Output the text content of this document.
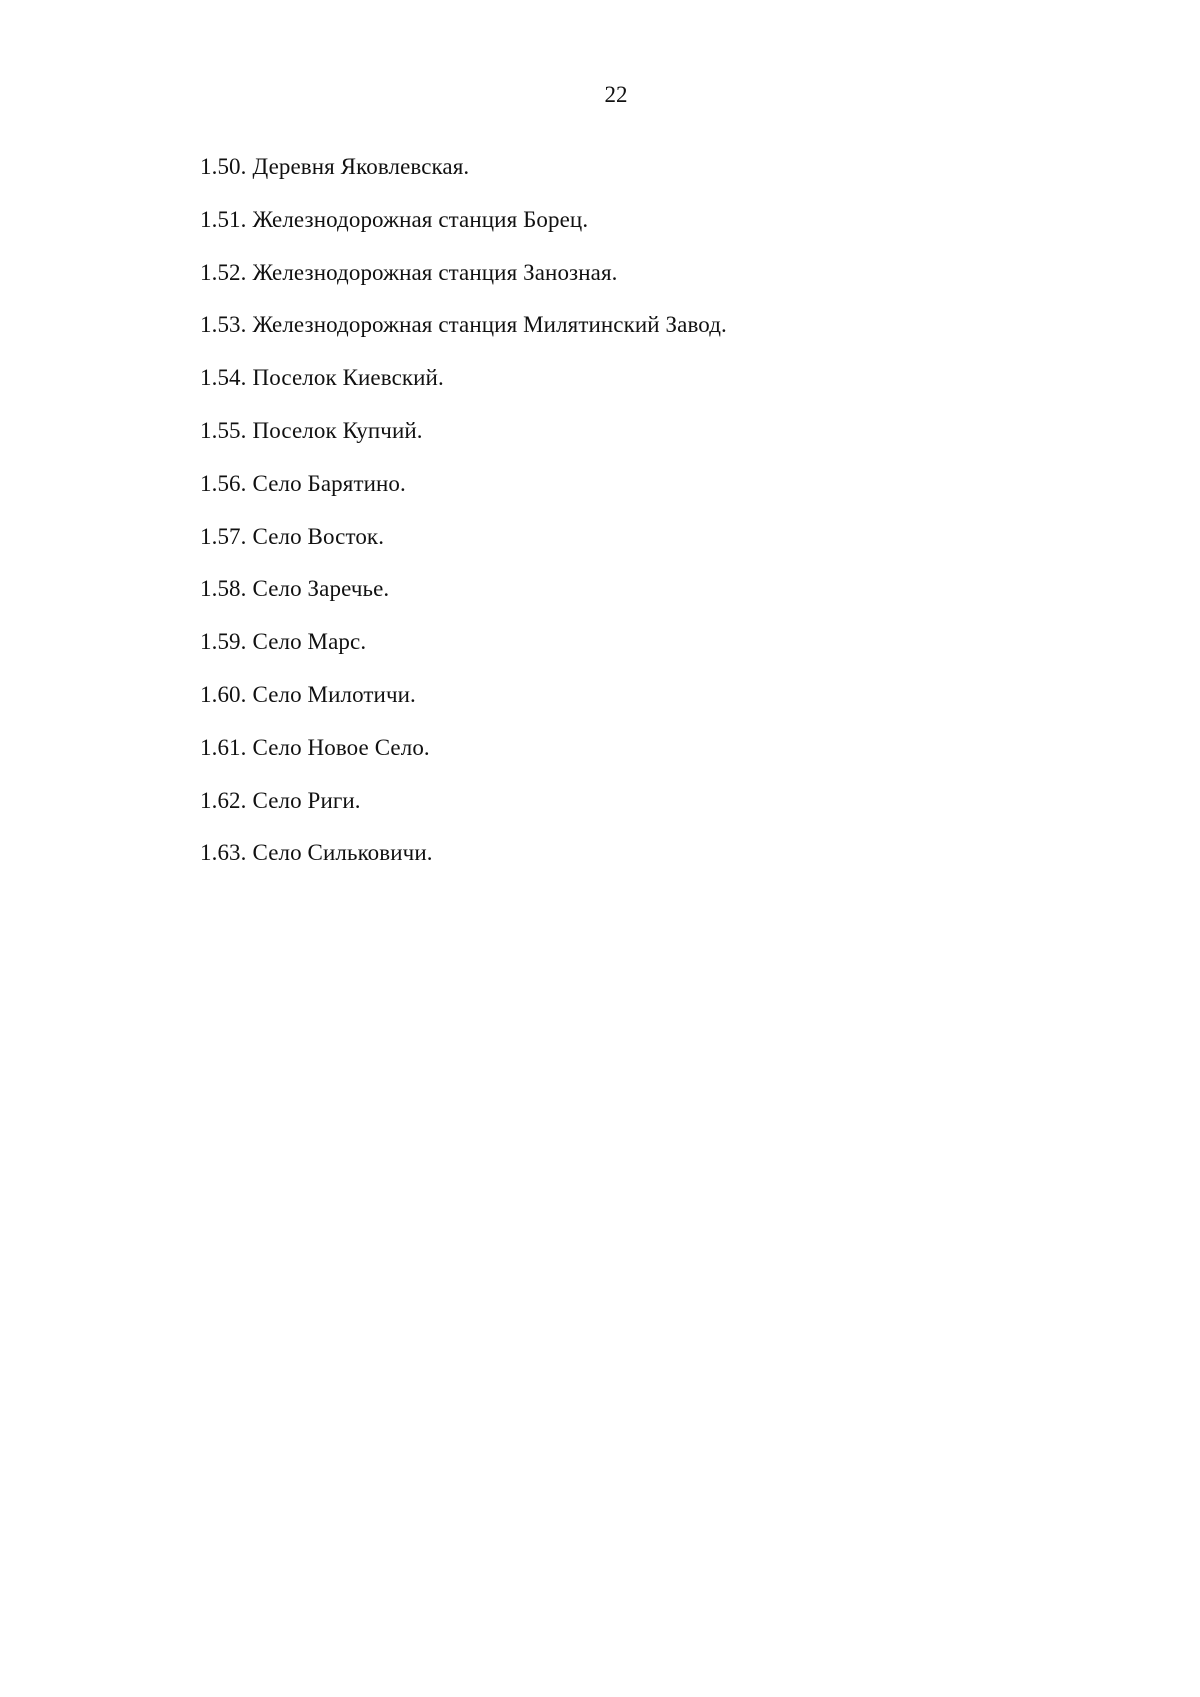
22
1.50. Деревня Яковлевская.
1.51. Железнодорожная станция Борец.
1.52. Железнодорожная станция Занозная.
1.53. Железнодорожная станция Милятинский Завод.
1.54. Поселок Киевский.
1.55. Поселок Купчий.
1.56. Село Барятино.
1.57. Село Восток.
1.58. Село Заречье.
1.59. Село Марс.
1.60. Село Милотичи.
1.61. Село Новое Село.
1.62. Село Риги.
1.63. Село Сильковичи.
